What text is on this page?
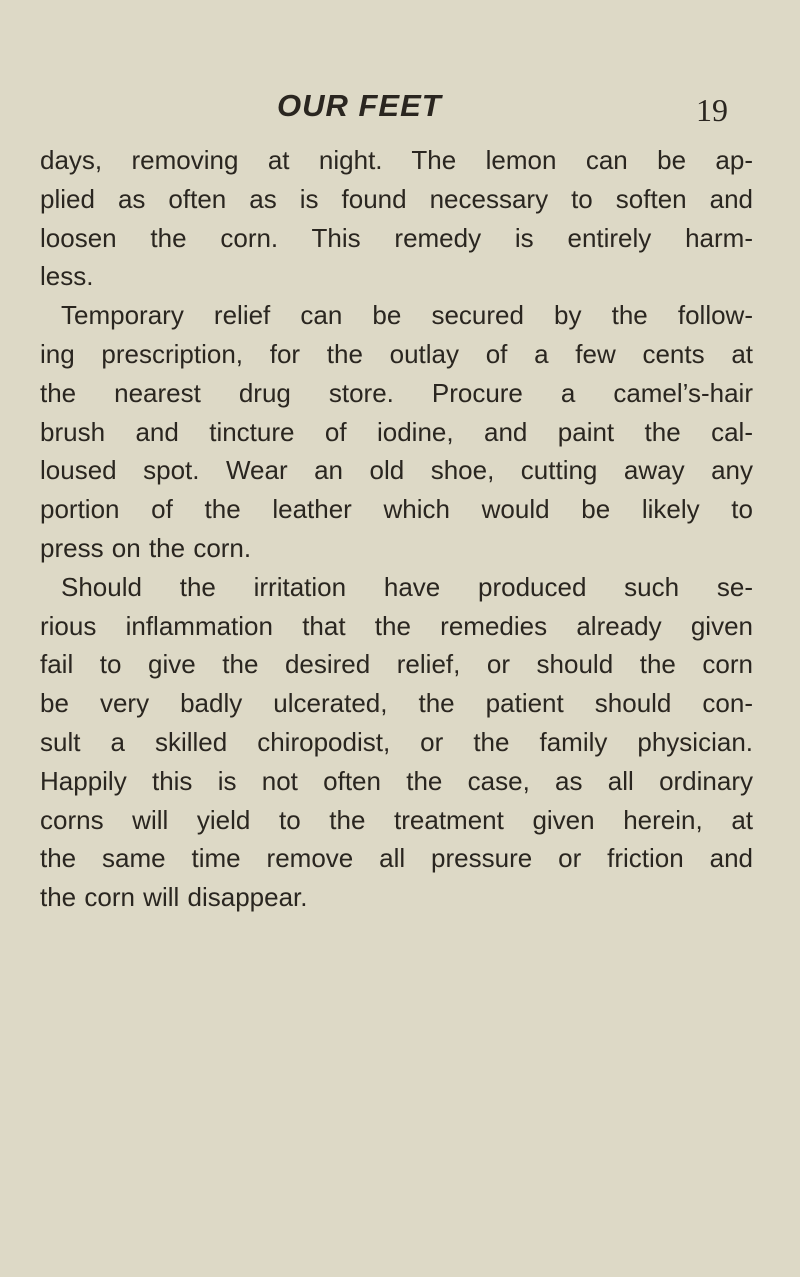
OUR FEET	19
days, removing at night. The lemon can be ap-
plied as often as is found necessary to soften and
loosen the corn. This remedy is entirely harm-
less.
Temporary relief can be secured by the follow-
ing prescription, for the outlay of a few cents at
the nearest drug store. Procure a camel’s-hair
brush and tincture of iodine, and paint the cal-
loused spot. Wear an old shoe, cutting away any
portion of the leather which would be likely to
press on the corn.
Should the irritation have produced such se-
rious inflammation that the remedies already given
fail to give the desired relief, or should the corn
be very badly ulcerated, the patient should con-
sult a skilled chiropodist, or the family physician.
Happily this is not often the case, as all ordinary
corns will yield to the treatment given herein, at
the same time remove all pressure or friction and
the corn will disappear.
